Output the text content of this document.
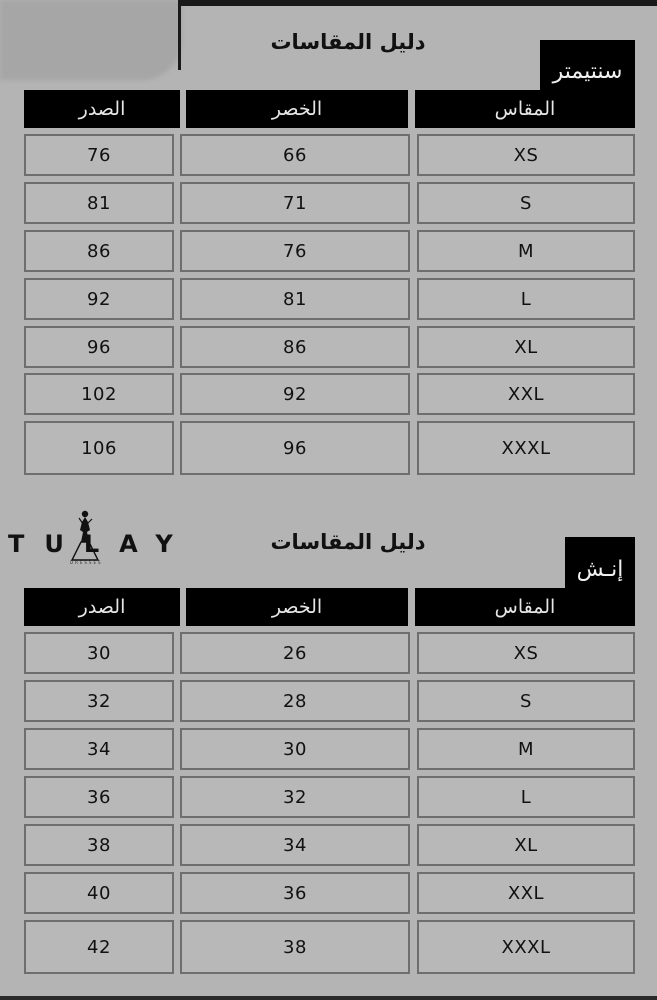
دليل المقاسات
سنتيمتر
المقاس
الخصر
الصدر
XS
66
76
S
71
81
M
76
86
L
81
92
XL
86
96
XXL
92
102
XXXL
96
106
TULAY
DRESSES
دليل المقاسات
إنـش
المقاس
الخصر
الصدر
XS
26
30
S
28
32
M
30
34
L
32
36
XL
34
38
XXL
36
40
XXXL
38
42
